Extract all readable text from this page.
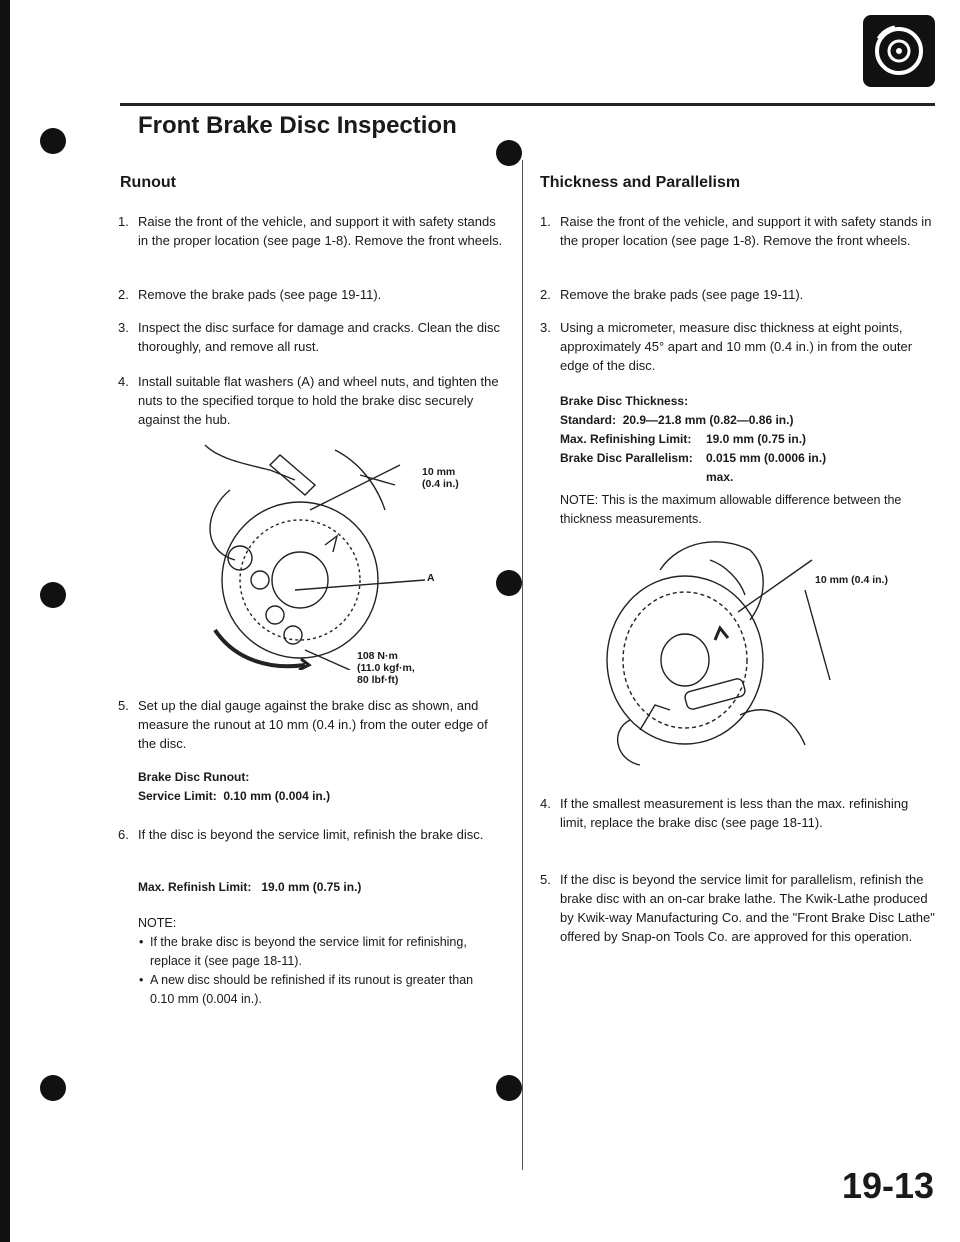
Front Brake Disc Inspection
Runout
1. Raise the front of the vehicle, and support it with safety stands in the proper location (see page 1-8). Remove the front wheels.
2. Remove the brake pads (see page 19-11).
3. Inspect the disc surface for damage and cracks. Clean the disc thoroughly, and remove all rust.
4. Install suitable flat washers (A) and wheel nuts, and tighten the nuts to the specified torque to hold the brake disc securely against the hub.
10 mm
(0.4 in.)
A
108 N·m
(11.0 kgf·m,
80 lbf·ft)
5. Set up the dial gauge against the brake disc as shown, and measure the runout at 10 mm (0.4 in.) from the outer edge of the disc.
Brake Disc Runout:
Service Limit: 0.10 mm (0.004 in.)
6. If the disc is beyond the service limit, refinish the brake disc.
Max. Refinish Limit: 19.0 mm (0.75 in.)
NOTE:
• If the brake disc is beyond the service limit for refinishing, replace it (see page 18-11).
• A new disc should be refinished if its runout is greater than 0.10 mm (0.004 in.).
Thickness and Parallelism
1. Raise the front of the vehicle, and support it with safety stands in the proper location (see page 1-8). Remove the front wheels.
2. Remove the brake pads (see page 19-11).
3. Using a micrometer, measure disc thickness at eight points, approximately 45° apart and 10 mm (0.4 in.) in from the outer edge of the disc.
Brake Disc Thickness:
Standard: 20.9—21.8 mm (0.82—0.86 in.)
Max. Refinishing Limit: 19.0 mm (0.75 in.)
Brake Disc Parallelism: 0.015 mm (0.0006 in.)
max.
NOTE: This is the maximum allowable difference between the thickness measurements.
10 mm (0.4 in.)
4. If the smallest measurement is less than the max. refinishing limit, replace the brake disc (see page 18-11).
5. If the disc is beyond the service limit for parallelism, refinish the brake disc with an on-car brake lathe. The Kwik-Lathe produced by Kwik-way Manufacturing Co. and the "Front Brake Disc Lathe" offered by Snap-on Tools Co. are approved for this operation.
19-13
